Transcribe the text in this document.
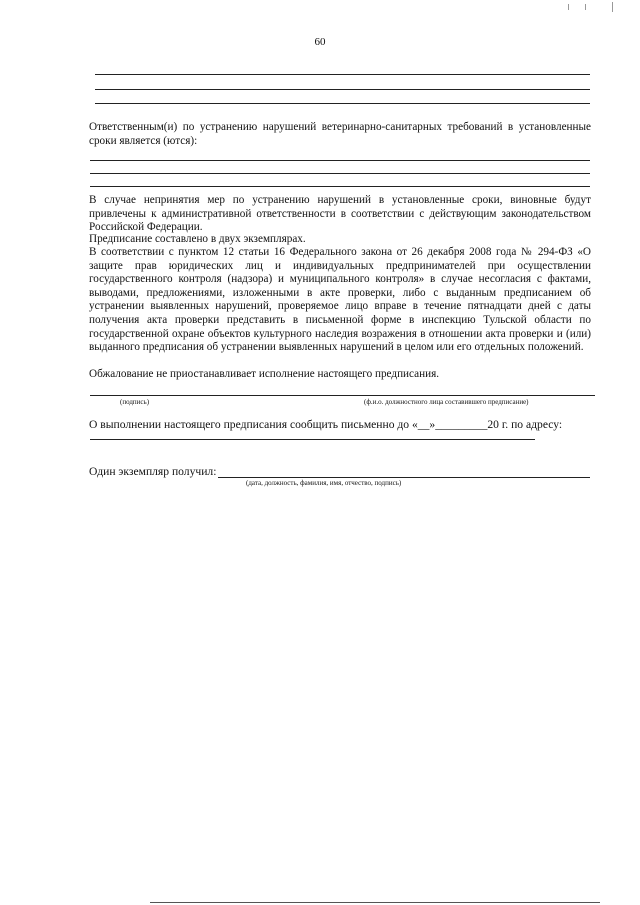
60
Ответственным(и) по устранению нарушений ветеринарно-санитарных требований в установленные сроки является (ются):
В случае непринятия мер по устранению нарушений в установленные сроки, виновные будут привлечены к административной ответственности в соответствии с действующим законодательством Российской Федерации.
Предписание составлено в двух экземплярах.
В соответствии с пунктом 12 статьи 16 Федерального закона от 26 декабря 2008 года № 294-ФЗ «О защите прав юридических лиц и индивидуальных предпринимателей при осуществлении государственного контроля (надзора) и муниципального контроля» в случае несогласия с фактами, выводами, предложениями, изложенными в акте проверки, либо с выданным предписанием об устранении выявленных нарушений, проверяемое лицо вправе в течение пятнадцати дней с даты получения акта проверки представить в письменной форме в инспекцию Тульской области по государственной охране объектов культурного наследия возражения в отношении акта проверки и (или) выданного предписания об устранении выявленных нарушений в целом или его отдельных положений.
Обжалование не приостанавливает исполнение настоящего предписания.
(подпись)	(ф.и.о. должностного лица составившего предписание)
О выполнении настоящего предписания сообщить письменно до «__»_________20 г. по адресу:
Один экземпляр получил:
(дата, должность, фамилия, имя, отчество, подпись)
